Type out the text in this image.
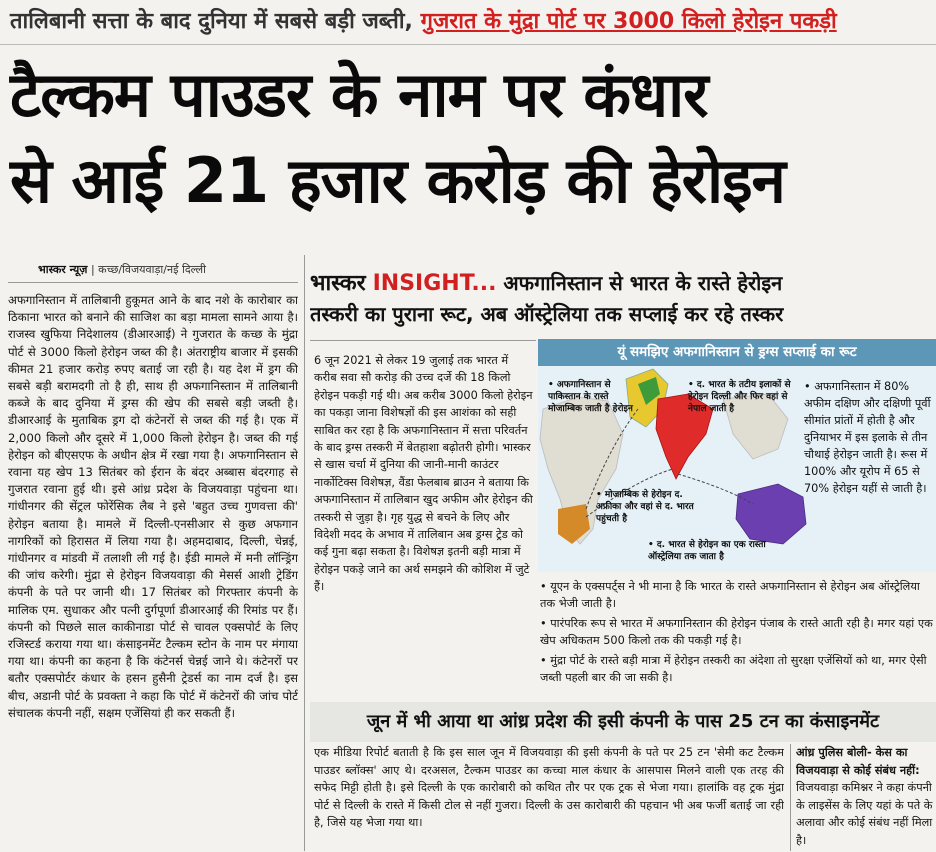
तालिबानी सत्ता के बाद दुनिया में सबसे बड़ी जब्ती, गुजरात के मुंद्रा पोर्ट पर 3000 किलो हेरोइन पकड़ी
टैल्कम पाउडर के नाम पर कंधार
से आई 21 हजार करोड़ की हेरोइन
भास्कर न्यूज़ | कच्छ/विजयवाड़ा/नई दिल्ली
अफगानिस्तान में तालिबानी हुकूमत आने के बाद नशे के कारोबार का ठिकाना भारत को बनाने की साजिश का बड़ा मामला सामने आया है। राजस्व खुफिया निदेशालय (डीआरआई) ने गुजरात के कच्छ के मुंद्रा पोर्ट से 3000 किलो हेरोइन जब्त की है। अंतराष्ट्रीय बाजार में इसकी कीमत 21 हजार करोड़ रुपए बताई जा रही है। यह देश में ड्रग की सबसे बड़ी बरामदगी तो है ही, साथ ही अफगानिस्तान में तालिबानी कब्जे के बाद दुनिया में ड्रग्स की खेप की सबसे बड़ी जब्ती है। डीआरआई के मुताबिक ड्रग दो कंटेनरों से जब्त की गई है। एक में 2,000 किलो और दूसरे में 1,000 किलो हेरोइन है। जब्त की गई हेरोइन को बीएसएफ के अधीन क्षेत्र में रखा गया है। अफगानिस्तान से रवाना यह खेप 13 सितंबर को ईरान के बंदर अब्बास बंदरगाह से गुजरात रवाना हुई थी। इसे आंध्र प्रदेश के विजयवाड़ा पहुंचना था। गांधीनगर की सेंट्रल फोरेंसिक लैब ने इसे 'बहुत उच्च गुणवत्ता की' हेरोइन बताया है। मामले में दिल्ली-एनसीआर से कुछ अफगान नागरिकों को हिरासत में लिया गया है। अहमदाबाद, दिल्ली, चेन्नई, गांधीनगर व मांडवी में तलाशी ली गई है। ईडी मामले में मनी लॉन्ड्रिंग की जांच करेगी। मुंद्रा से हेरोइन विजयवाड़ा की मेसर्स आशी ट्रेडिंग कंपनी के पते पर जानी थी। 17 सितंबर को गिरफ्तार कंपनी के मालिक एम. सुधाकर और पत्नी दुर्गपूर्णा डीआरआई की रिमांड पर हैं। कंपनी को पिछले साल काकीनाडा पोर्ट से चावल एक्सपोर्ट के लिए रजिस्टर्ड कराया गया था। कंसाइनमेंट टैल्कम स्टोन के नाम पर मंगाया गया था। कंपनी का कहना है कि कंटेनर्स चेन्नई जाने थे। कंटेनरों पर बतौर एक्सपोर्टर कंधार के हसन हुसैनी ट्रेडर्स का नाम दर्ज है। इस बीच, अडानी पोर्ट के प्रवक्ता ने कहा कि पोर्ट में कंटेनरों की जांच पोर्ट संचालक कंपनी नहीं, सक्षम एजेंसियां ही कर सकती हैं।
भास्कर INSIGHT... अफगानिस्तान से भारत के रास्ते हेरोइन
तस्करी का पुराना रूट, अब ऑस्ट्रेलिया तक सप्लाई कर रहे तस्कर
6 जून 2021 से लेकर 19 जुलाई तक भारत में करीब सवा सौ करोड़ की उच्च दर्जे की 18 किलो हेरोइन पकड़ी गई थी। अब करीब 3000 किलो हेरोइन का पकड़ा जाना विशेषज्ञों की इस आशंका को सही साबित कर रहा है कि अफगानिस्तान में सत्ता परिवर्तन के बाद ड्रग्स तस्करी में बेतहाशा बढ़ोतरी होगी। भास्कर से खास चर्चा में दुनिया की जानी-मानी काउंटर नार्कोटिक्स विशेषज्ञ, वैंडा फेलबाब ब्राउन ने बताया कि अफगानिस्तान में तालिबान खुद अफीम और हेरोइन की तस्करी से जुड़ा है। गृह युद्ध से बचने के लिए और विदेशी मदद के अभाव में तालिबान अब ड्रग्स ट्रेड को कई गुना बढ़ा सकता है। विशेषज्ञ इतनी बड़ी मात्रा में हेरोइन पकड़े जाने का अर्थ समझने की कोशिश में जुटे हैं।
• अफगानिस्तान से पाकिस्तान के रास्ते मोजाम्बिक जाती है हेरोइन
• द. भारत के तटीय इलाकों से हेरोइन दिल्ली और फिर वहां से नेपाल जाती है
• मोजाम्बिक से हेरोइन द. अफ्रीका और वहां से द. भारत पहुंचती है
• द. भारत से हेरोइन का एक रास्ता ऑस्ट्रेलिया तक जाता है
यूं समझिए अफगानिस्तान से ड्रग्स सप्लाई का रूट
• अफगानिस्तान में 80% अफीम दक्षिण और दक्षिणी पूर्वी सीमांत प्रांतों में होती है और दुनियाभर में इस इलाके से तीन चौथाई हेरोइन जाती है। रूस में 100% और यूरोप में 65 से 70% हेरोइन यहीं से जाती है।

• यूएन के एक्सपर्ट्स ने भी माना है कि भारत के रास्ते अफगानिस्तान से हेरोइन अब ऑस्ट्रेलिया तक भेजी जाती है।

• पारंपरिक रूप से भारत में अफगानिस्तान की हेरोइन पंजाब के रास्ते आती रही है। मगर यहां एक खेप अधिकतम 500 किलो तक की पकड़ी गई है।

• मुंद्रा पोर्ट के रास्ते बड़ी मात्रा में हेरोइन तस्करी का अंदेशा तो सुरक्षा एजेंसियों को था, मगर ऐसी जब्ती पहली बार की जा सकी है।

जून में भी आया था आंध्र प्रदेश की इसी कंपनी के पास 25 टन का कंसाइनमेंट
एक मीडिया रिपोर्ट बताती है कि इस साल जून में विजयवाड़ा की इसी कंपनी के पते पर 25 टन 'सेमी कट टैल्कम पाउडर ब्लॉक्स' आए थे। दरअसल, टैल्कम पाउडर का कच्चा माल कंधार के आसपास मिलने वाली एक तरह की सफेद मिट्टी होती है। इसे दिल्ली के एक कारोबारी को कथित तौर पर एक ट्रक से भेजा गया। हालांकि वह ट्रक मुंद्रा पोर्ट से दिल्ली के रास्ते में किसी टोल से नहीं गुजरा। दिल्ली के उस कारोबारी की पहचान भी अब फर्जी बताई जा रही है, जिसे यह भेजा गया था।
आंध्र पुलिस बोली- केस का विजयवाड़ा से कोई संबंध नहीं: विजयवाड़ा कमिश्नर ने कहा कंपनी के लाइसेंस के लिए यहां के पते के अलावा और कोई संबंध नहीं मिला है।
